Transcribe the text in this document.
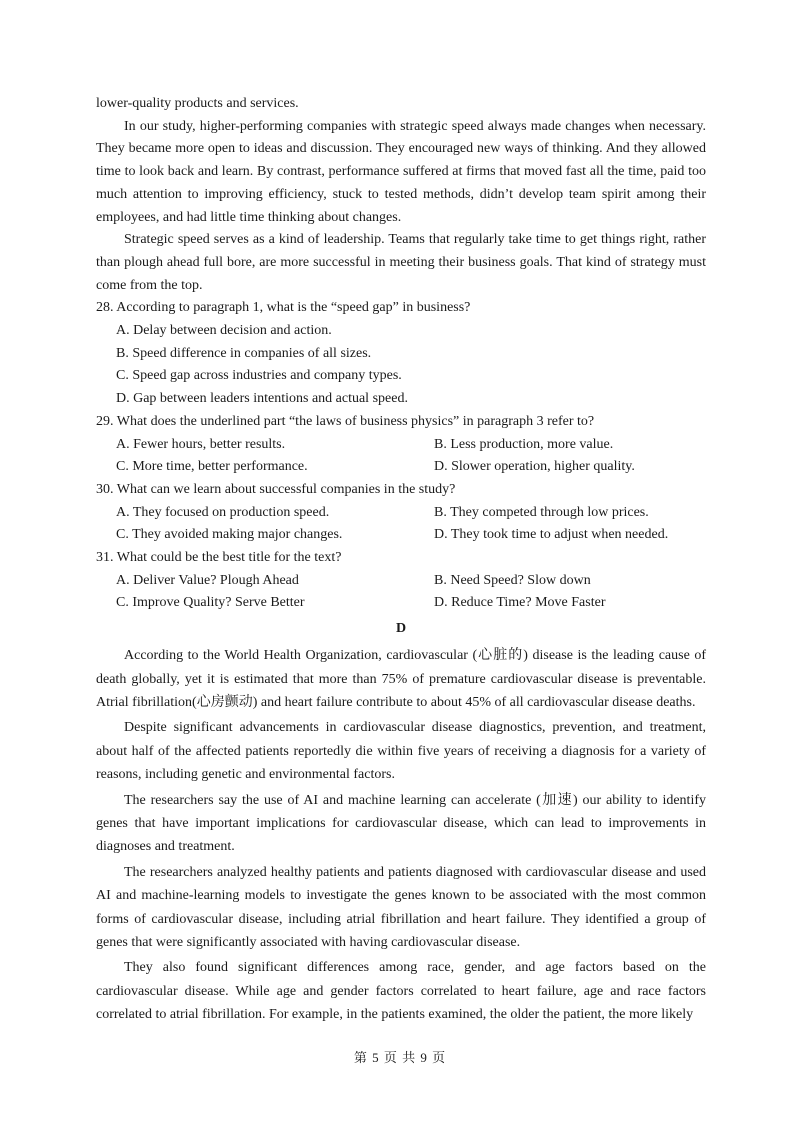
lower-quality products and services.

In our study, higher-performing companies with strategic speed always made changes when necessary. They became more open to ideas and discussion. They encouraged new ways of thinking. And they allowed time to look back and learn. By contrast, performance suffered at firms that moved fast all the time, paid too much attention to improving efficiency, stuck to tested methods, didn’t develop team spirit among their employees, and had little time thinking about changes.

Strategic speed serves as a kind of leadership. Teams that regularly take time to get things right, rather than plough ahead full bore, are more successful in meeting their business goals. That kind of strategy must come from the top.

28. According to paragraph 1, what is the “speed gap” in business?

A. Delay between decision and action.

B. Speed difference in companies of all sizes.

C. Speed gap across industries and company types.

D. Gap between leaders intentions and actual speed.

29. What does the underlined part “the laws of business physics” in paragraph 3 refer to?

A. Fewer hours, better results.	B. Less production, more value.
C. More time, better performance.	D. Slower operation, higher quality.

30. What can we learn about successful companies in the study?

A. They focused on production speed.	B. They competed through low prices.
C. They avoided making major changes.	D. They took time to adjust when needed.

31. What could be the best title for the text?

A. Deliver Value? Plough Ahead	B. Need Speed? Slow down
C. Improve Quality? Serve Better	D. Reduce Time? Move Faster
D

According to the World Health Organization, cardiovascular (心脏的) disease is the leading cause of death globally, yet it is estimated that more than 75% of premature cardiovascular disease is preventable. Atrial fibrillation(心房颤动) and heart failure contribute to about 45% of all cardiovascular disease deaths.

Despite significant advancements in cardiovascular disease diagnostics, prevention, and treatment, about half of the affected patients reportedly die within five years of receiving a diagnosis for a variety of reasons, including genetic and environmental factors.

The researchers say the use of AI and machine learning can accelerate (加速) our ability to identify genes that have important implications for cardiovascular disease, which can lead to improvements in diagnoses and treatment.

The researchers analyzed healthy patients and patients diagnosed with cardiovascular disease and used AI and machine-learning models to investigate the genes known to be associated with the most common forms of cardiovascular disease, including atrial fibrillation and heart failure. They identified a group of genes that were significantly associated with having cardiovascular disease.

They also found significant differences among race, gender, and age factors based on the cardiovascular disease. While age and gender factors correlated to heart failure, age and race factors correlated to atrial fibrillation. For example, in the patients examined, the older the patient, the more likely

第 5 页 共 9 页
